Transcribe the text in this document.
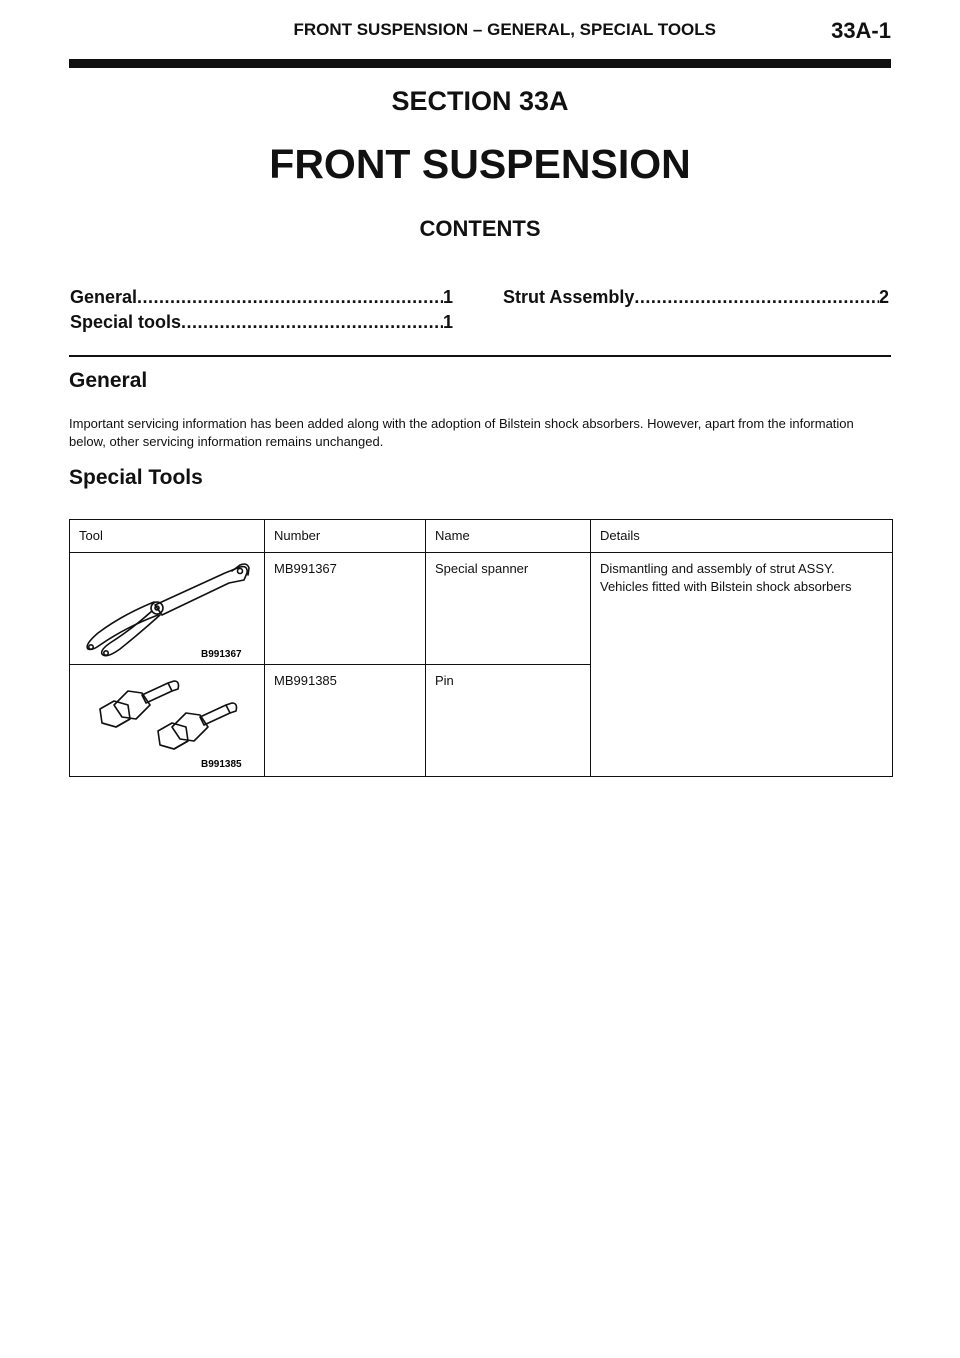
FRONT SUSPENSION – GENERAL, SPECIAL TOOLS	33A-1
SECTION 33A
FRONT SUSPENSION
CONTENTS
General .....	1
Special tools .....	1
Strut Assembly .....	2
General
Important servicing information has been added along with the adoption of Bilstein shock absorbers. However, apart from the information below, other servicing information remains unchanged.
Special Tools
Tool	Number	Name	Details

B991367	MB991367	Special spanner	Dismantling and assembly of strut ASSY.
Vehicles fitted with Bilstein shock absorbers

B991385	MB991385	Pin	
